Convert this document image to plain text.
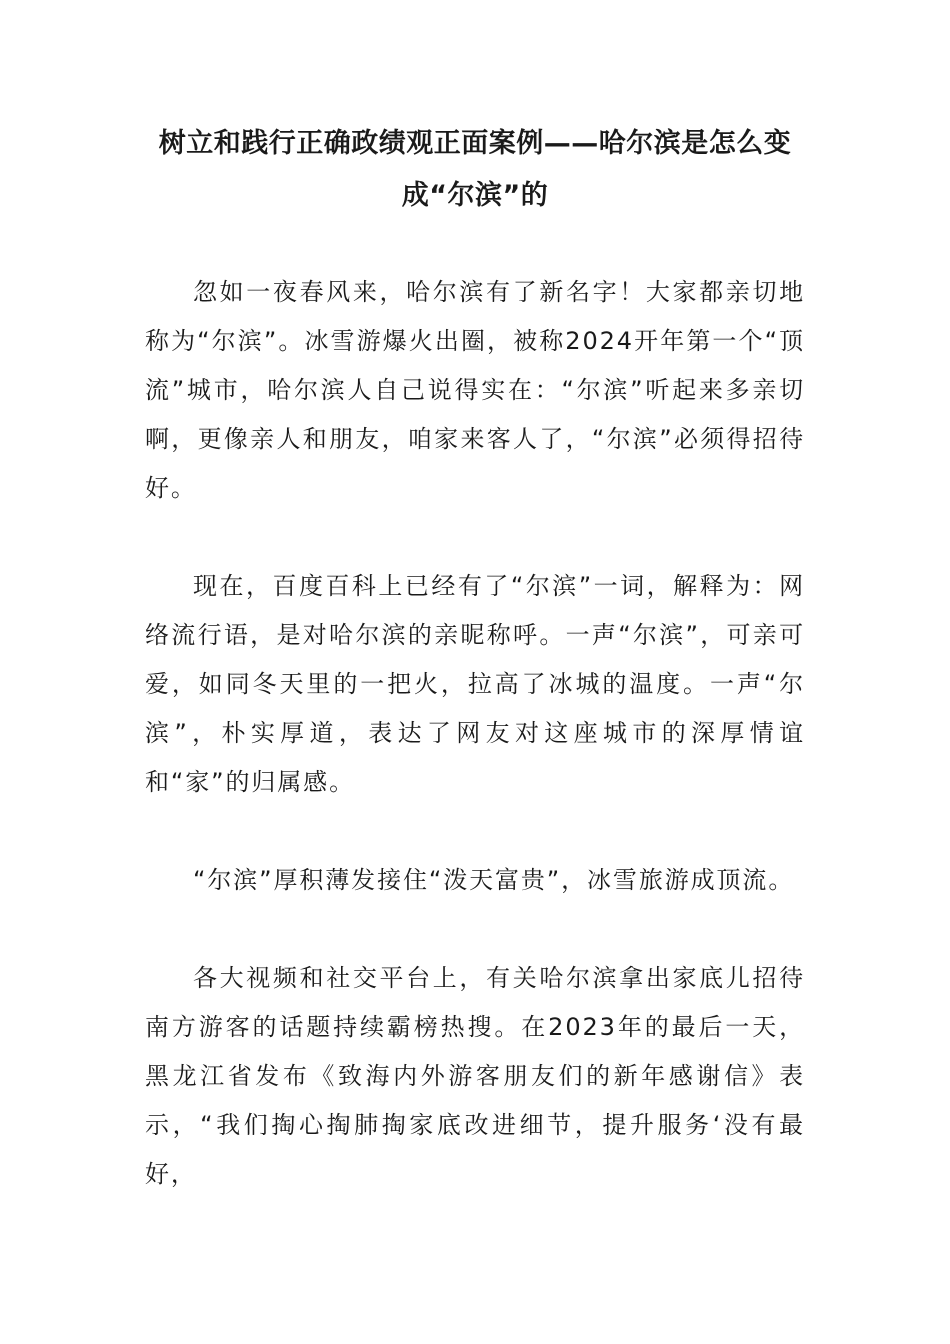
树立和践行正确政绩观正面案例——哈尔滨是怎么变成“尔滨”的

忽如一夜春风来，哈尔滨有了新名字！大家都亲切地称为“尔滨”。冰雪游爆火出圈，被称2024开年第一个“顶流”城市，哈尔滨人自己说得实在：“尔滨”听起来多亲切啊，更像亲人和朋友，咱家来客人了，“尔滨”必须得招待好。

现在，百度百科上已经有了“尔滨”一词，解释为：网络流行语，是对哈尔滨的亲昵称呼。一声“尔滨”，可亲可爱，如同冬天里的一把火，拉高了冰城的温度。一声“尔滨”，朴实厚道，表达了网友对这座城市的深厚情谊和“家”的归属感。

“尔滨”厚积薄发接住“泼天富贵”，冰雪旅游成顶流。

各大视频和社交平台上，有关哈尔滨拿出家底儿招待南方游客的话题持续霸榜热搜。在2023年的最后一天，黑龙江省发布《致海内外游客朋友们的新年感谢信》表示，“我们掏心掏肺掏家底改进细节，提升服务‘没有最好，
